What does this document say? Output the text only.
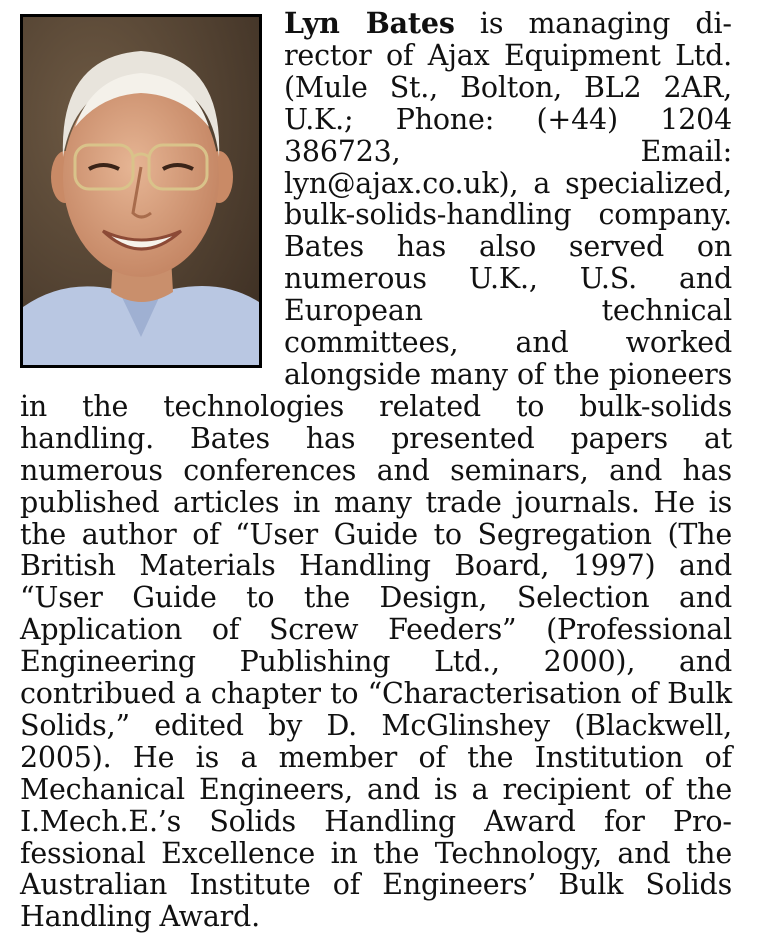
Lyn Bates is managing director of Ajax Equipment Ltd. (Mule St., Bolton, BL2 2AR, U.K.; Phone: (+44) 1204 386723, Email: lyn@ajax.co.uk), a specialized, bulk-solids-handling company. Bates has also served on numerous U.K., U.S. and European technical committees, and worked alongside many of the pioneers in the technologies related to bulk-solids handling. Bates has presented papers at numerous conferences and seminars, and has published articles in many trade journals. He is the author of “User Guide to Segregation (The British Materials Handling Board, 1997) and “User Guide to the Design, Selection and Application of Screw Feeders” (Professional Engineering Publishing Ltd., 2000), and contribued a chapter to “Characterisation of Bulk Solids,” edited by D. McGlinshey (Blackwell, 2005). He is a member of the Institution of Mechanical Engineers, and is a recipient of the I.Mech.E.’s Solids Handling Award for Professional Excellence in the Technology, and the Australian Institute of Engineers’ Bulk Solids Handling Award.
